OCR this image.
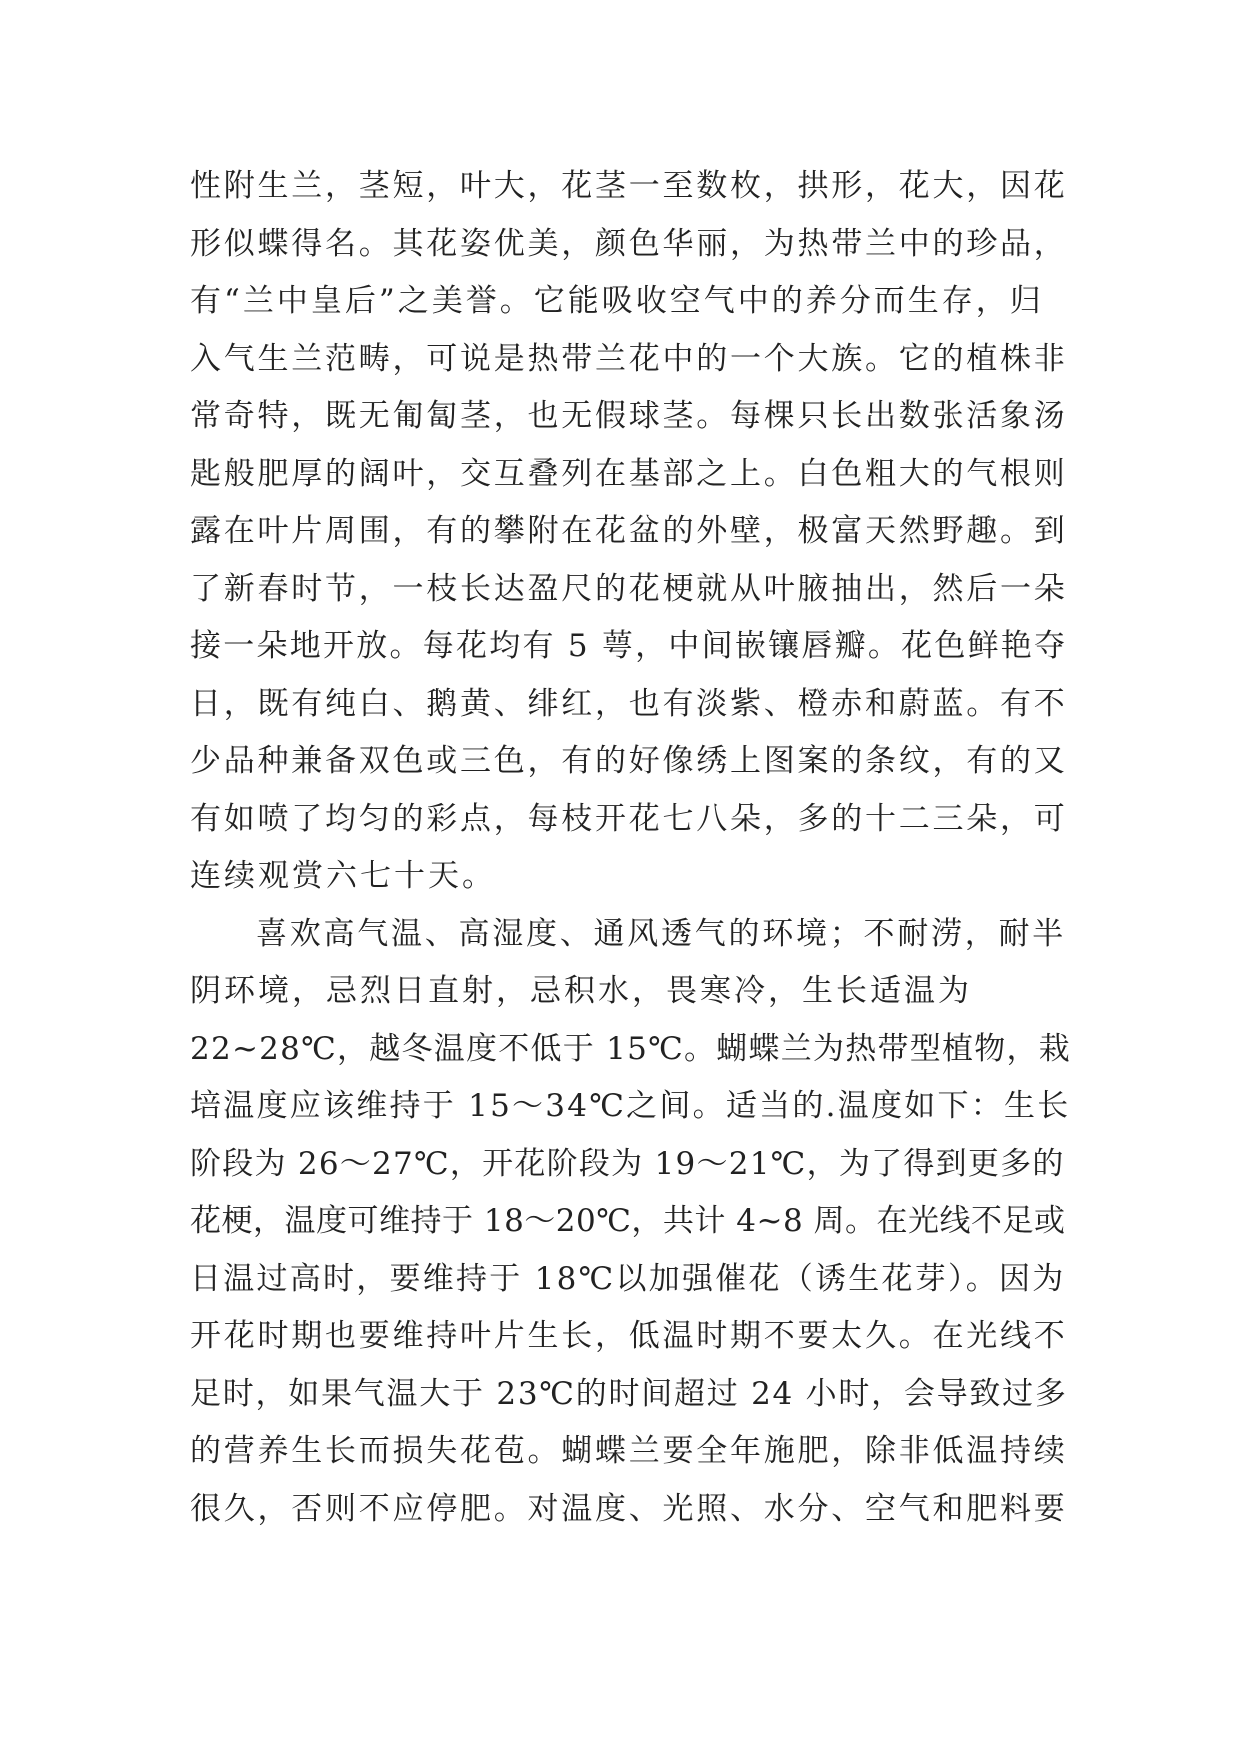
性附生兰，茎短，叶大，花茎一至数枚，拱形，花大，因花
形似蝶得名。其花姿优美，颜色华丽，为热带兰中的珍品，
有“兰中皇后”之美誉。它能吸收空气中的养分而生存，归
入气生兰范畴，可说是热带兰花中的一个大族。它的植株非
常奇特，既无匍匐茎，也无假球茎。每棵只长出数张活象汤
匙般肥厚的阔叶，交互叠列在基部之上。白色粗大的气根则
露在叶片周围，有的攀附在花盆的外壁，极富天然野趣。到
了新春时节，一枝长达盈尺的花梗就从叶腋抽出，然后一朵
接一朵地开放。每花均有 5 萼，中间嵌镶唇瓣。花色鲜艳夺
日，既有纯白、鹅黄、绯红，也有淡紫、橙赤和蔚蓝。有不
少品种兼备双色或三色，有的好像绣上图案的条纹，有的又
有如喷了均匀的彩点，每枝开花七八朵，多的十二三朵，可
连续观赏六七十天。
喜欢高气温、高湿度、通风透气的环境；不耐涝，耐半
阴环境，忌烈日直射，忌积水，畏寒冷，生长适温为
22~28℃，越冬温度不低于 15℃。蝴蝶兰为热带型植物，栽
培温度应该维持于 15～34℃之间。适当的.温度如下：生长
阶段为 26～27℃，开花阶段为 19～21℃，为了得到更多的
花梗，温度可维持于 18～20℃，共计 4~8 周。在光线不足或
日温过高时，要维持于 18℃以加强催花（诱生花芽）。因为
开花时期也要维持叶片生长，低温时期不要太久。在光线不
足时，如果气温大于 23℃的时间超过 24 小时，会导致过多
的营养生长而损失花苞。蝴蝶兰要全年施肥，除非低温持续
很久，否则不应停肥。对温度、光照、水分、空气和肥料要
